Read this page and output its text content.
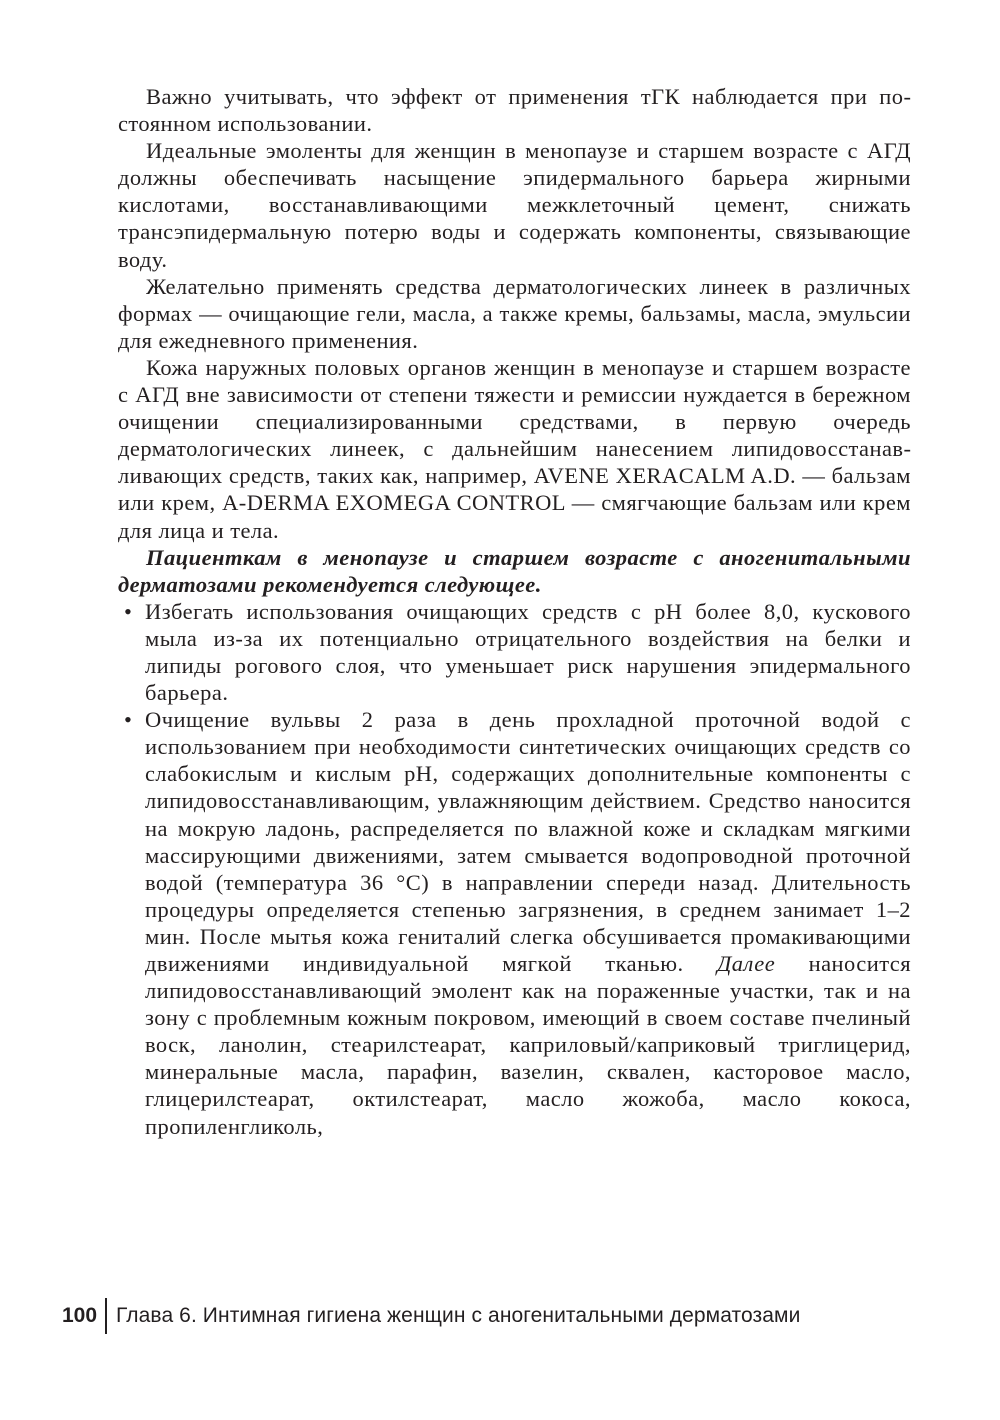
Важно учитывать, что эффект от применения тГК наблюдается при постоянном использовании.

Идеальные эмоленты для женщин в менопаузе и старшем возрасте с АГД должны обеспечивать насыщение эпидермального барьера жирными кислотами, восстанавливающими межклеточный цемент, снижать трансэпидермальную потерю воды и содержать компоненты, связывающие воду.

Желательно применять средства дерматологических линеек в различных формах — очищающие гели, масла, а также кремы, бальзамы, масла, эмульсии для ежедневного применения.

Кожа наружных половых органов женщин в менопаузе и старшем возрасте с АГД вне зависимости от степени тяжести и ремиссии нуждается в бережном очищении специализированными средствами, в первую очередь дерматологических линеек, с дальнейшим нанесением липидовосстанавливающих средств, таких как, например, AVENE XERACALM A.D. — бальзам или крем, A-DERMA EXOMEGA CONTROL — смягчающие бальзам или крем для лица и тела.

Пациенткам в менопаузе и старшем возрасте с аногенитальными дерматозами рекомендуется следующее.

• Избегать использования очищающих средств с pH более 8,0, кускового мыла из-за их потенциально отрицательного воздействия на белки и липиды рогового слоя, что уменьшает риск нарушения эпидермального барьера.
• Очищение вульвы 2 раза в день прохладной проточной водой с использованием при необходимости синтетических очищающих средств со слабокислым и кислым pH, содержащих дополнительные компоненты с липидовосстанавливающим, увлажняющим действием. Средство наносится на мокрую ладонь, распределяется по влажной коже и складкам мягкими массирующими движениями, затем смывается водопроводной проточной водой (температура 36 °С) в направлении спереди назад. Длительность процедуры определяется степенью загрязнения, в среднем занимает 1–2 мин. После мытья кожа гениталий слегка обсушивается промакивающими движениями индивидуальной мягкой тканью. Далее наносится липидовосстанавливающий эмолент как на пораженные участки, так и на зону с проблемным кожным покровом, имеющий в своем составе пчелиный воск, ланолин, стеарилстеарат, каприловый/каприковый триглицерид, минеральные масла, парафин, вазелин, сквален, касторовое масло, глицерилстеарат, октилстеарат, масло жожоба, масло кокоса, пропиленгликоль,
100 Глава 6. Интимная гигиена женщин с аногенитальными дерматозами
